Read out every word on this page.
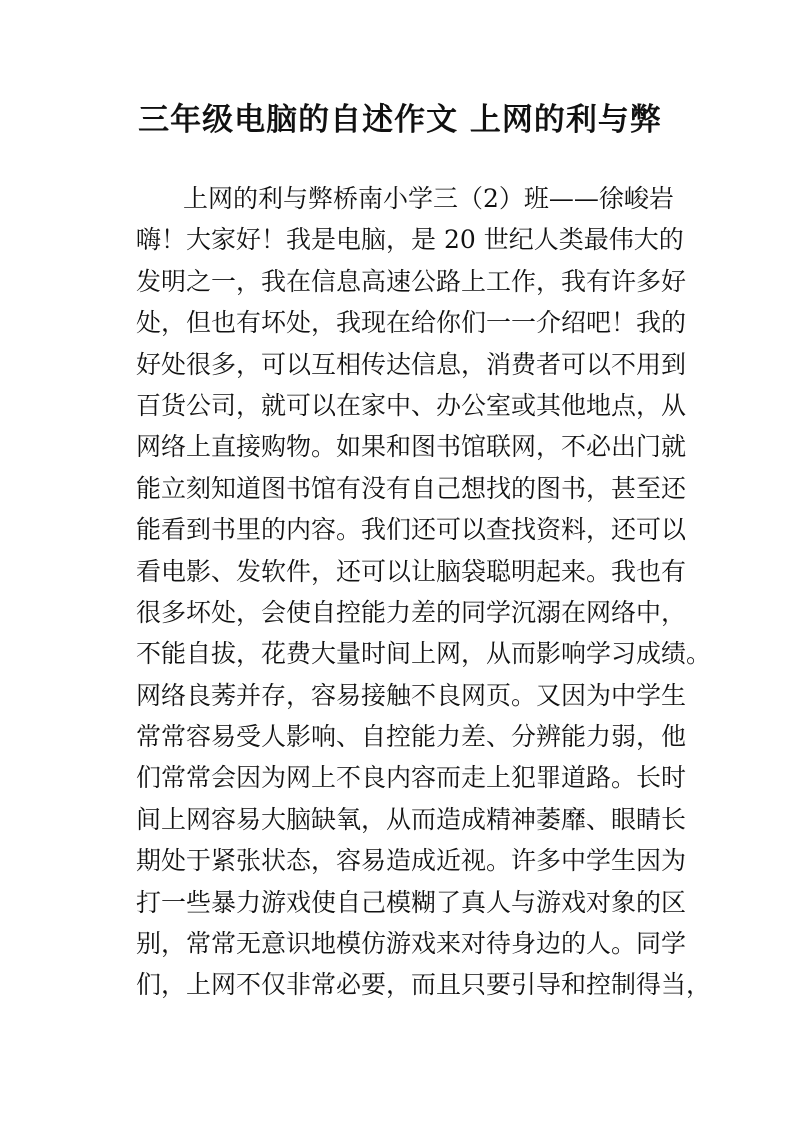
三年级电脑的自述作文 上网的利与弊
上网的利与弊桥南小学三（2）班——徐峻岩
嗨！大家好！我是电脑，是 20 世纪人类最伟大的
发明之一，我在信息高速公路上工作，我有许多好
处，但也有坏处，我现在给你们一一介绍吧！我的
好处很多，可以互相传达信息，消费者可以不用到
百货公司，就可以在家中、办公室或其他地点，从
网络上直接购物。如果和图书馆联网，不必出门就
能立刻知道图书馆有没有自己想找的图书，甚至还
能看到书里的内容。我们还可以查找资料，还可以
看电影、发软件，还可以让脑袋聪明起来。我也有
很多坏处，会使自控能力差的同学沉溺在网络中，
不能自拔，花费大量时间上网，从而影响学习成绩。
网络良莠并存，容易接触不良网页。又因为中学生
常常容易受人影响、自控能力差、分辨能力弱，他
们常常会因为网上不良内容而走上犯罪道路。长时
间上网容易大脑缺氧，从而造成精神萎靡、眼睛长
期处于紧张状态，容易造成近视。许多中学生因为
打一些暴力游戏使自己模糊了真人与游戏对象的区
别，常常无意识地模仿游戏来对待身边的人。同学
们，上网不仅非常必要，而且只要引导和控制得当，
